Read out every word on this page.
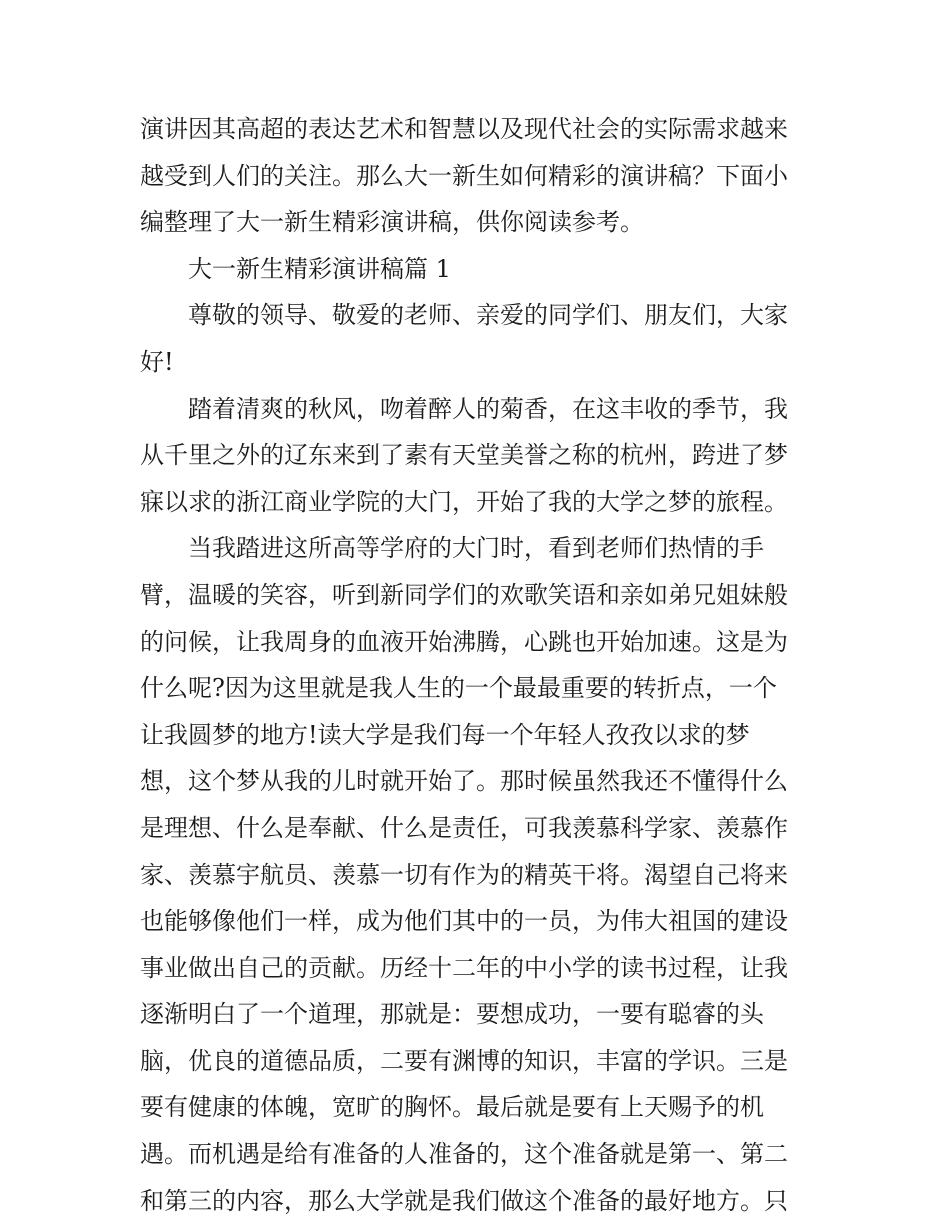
演讲因其高超的表达艺术和智慧以及现代社会的实际需求越来
越受到人们的关注。那么大一新生如何精彩的演讲稿？下面小
编整理了大一新生精彩演讲稿，供你阅读参考。
大一新生精彩演讲稿篇 1
尊敬的领导、敬爱的老师、亲爱的同学们、朋友们，大家
好!
踏着清爽的秋风，吻着醉人的菊香，在这丰收的季节，我
从千里之外的辽东来到了素有天堂美誉之称的杭州，跨进了梦
寐以求的浙江商业学院的大门，开始了我的大学之梦的旅程。
当我踏进这所高等学府的大门时，看到老师们热情的手
臂，温暖的笑容，听到新同学们的欢歌笑语和亲如弟兄姐妹般
的问候，让我周身的血液开始沸腾，心跳也开始加速。这是为
什么呢?因为这里就是我人生的一个最最重要的转折点，一个
让我圆梦的地方!读大学是我们每一个年轻人孜孜以求的梦
想，这个梦从我的儿时就开始了。那时候虽然我还不懂得什么
是理想、什么是奉献、什么是责任，可我羡慕科学家、羡慕作
家、羡慕宇航员、羡慕一切有作为的精英干将。渴望自己将来
也能够像他们一样，成为他们其中的一员，为伟大祖国的建设
事业做出自己的贡献。历经十二年的中小学的读书过程，让我
逐渐明白了一个道理，那就是：要想成功，一要有聪睿的头
脑，优良的道德品质，二要有渊博的知识，丰富的学识。三是
要有健康的体魄，宽旷的胸怀。最后就是要有上天赐予的机
遇。而机遇是给有准备的人准备的，这个准备就是第一、第二
和第三的内容，那么大学就是我们做这个准备的最好地方。只
